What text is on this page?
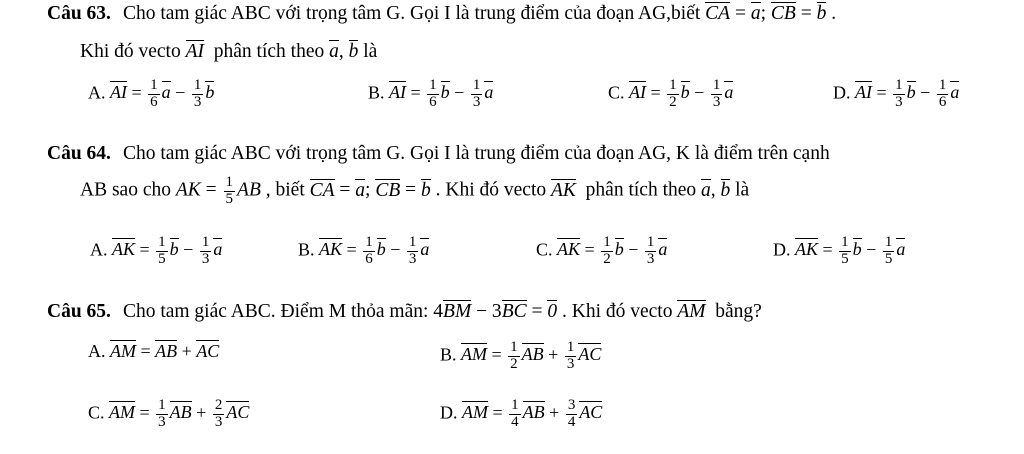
Câu 63. Cho tam giác ABC với trọng tâm G. Gọi I là trung điểm của đoạn AG,biết CA = a; CB = b .
Khi đó vecto AI  phân tích theo a, b là
A. AI = $\frac{1}{6}$ $a - \frac{1}{3}$ b	B. AI = $\frac{1}{6}$ $b - \frac{1}{3}$ a	C. AI = $\frac{1}{2}$ $b - \frac{1}{3}$ a	D. AI = $\frac{1}{3}$ $b - \frac{1}{6}$ a
Câu 64. Cho tam giác ABC với trọng tâm G. Gọi I là trung điểm của đoạn AG, K là điểm trên cạnh
AB sao cho AK = $\frac{1}{5}$ AB , biết CA = a; CB = b . Khi đó vecto AK  phân tích theo a, b là
A. AK = $\frac{1}{5}$ $b - \frac{1}{3}$ a	B. AK = $\frac{1}{6}$ $b - \frac{1}{3}$ a	C. AK = $\frac{1}{2}$ $b - \frac{1}{3}$ a	D. AK = $\frac{1}{5}$ $b - \frac{1}{5}$ a
Câu 65. Cho tam giác ABC. Điểm M thỏa mãn: 4BM − 3BC = 0 . Khi đó vecto AM  bằng?
A. AM = AB + AC	B. AM = $\frac{1}{2}$ AB + $\frac{1}{3}$ AC
C. AM = $\frac{1}{3}$ AB + $\frac{2}{3}$ AC	D. AM = $\frac{1}{4}$ AB + $\frac{3}{4}$ AC
